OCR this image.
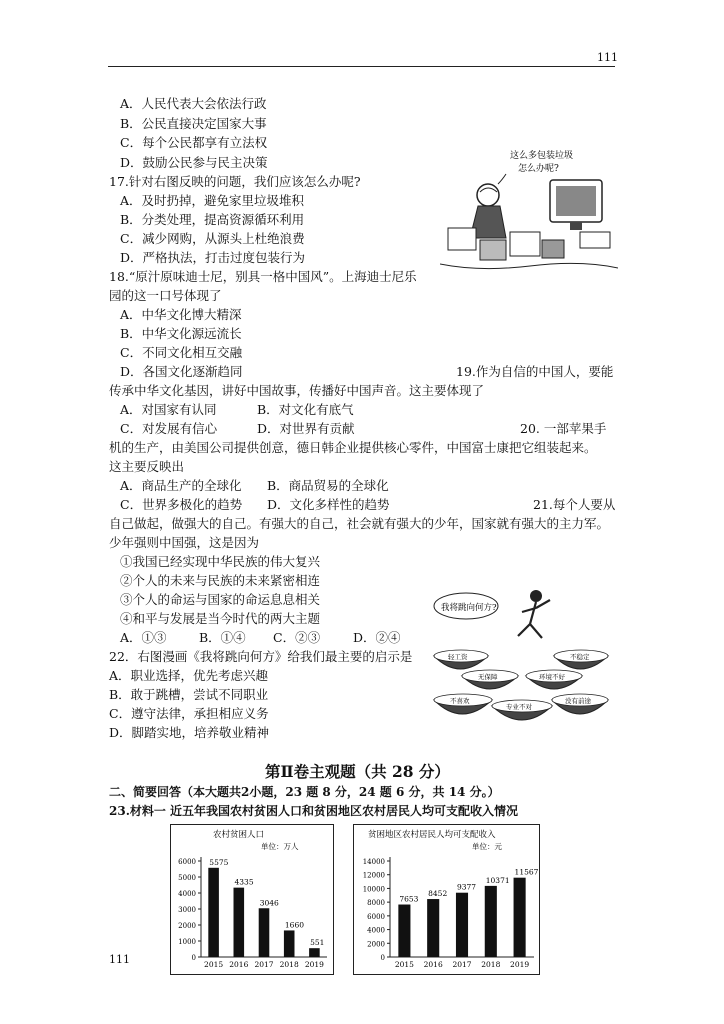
111
A．人民代表大会依法行政
B．公民直接决定国家大事
C．每个公民都享有立法权
D．鼓励公民参与民主决策
17.针对右图反映的问题，我们应该怎么办呢?
A．及时扔掉，避免家里垃圾堆积
B．分类处理，提高资源循环利用
C．减少网购，从源头上杜绝浪费
D．严格执法，打击过度包装行为
18.“原汁原味迪士尼，别具一格中国风”。上海迪士尼乐
园的这一口号体现了
A．中华文化博大精深
B．中华文化源远流长
C．不同文化相互交融
D．各国文化逐渐趋同	19.作为自信的中国人，要能
传承中华文化基因，讲好中国故事，传播好中国声音。这主要体现了
A．对国家有认同	B．对文化有底气
C．对发展有信心	D．对世界有贡献	20. 一部苹果手
机的生产，由美国公司提供创意，德日韩企业提供核心零件，中国富士康把它组装起来。
这主要反映出
A．商品生产的全球化 B．商品贸易的全球化
C．世界多极化的趋势 D．文化多样性的趋势	21.每个人要从
自己做起，做强大的自己。有强大的自己，社会就有强大的少年，国家就有强大的主力军。
少年强则中国强，这是因为
①我国已经实现中华民族的伟大复兴
②个人的未来与民族的未来紧密相连
③个人的命运与国家的命运息息相关
④和平与发展是当今时代的两大主题
A．①③	B．①④ C．②③	D．②④
22．右图漫画《我将跳向何方》给我们最主要的启示是
A．职业选择，优先考虑兴趣
B．敢于跳槽，尝试不同职业
C．遵守法律，承担相应义务
D．脚踏实地，培养敬业精神
这么多包装垃圾
怎么办呢?
我将跳向何方?
轻工资	不稳定
无保障	环境不好
不喜欢
专业不对
没有前途
第Ⅱ卷主观题（共 28 分）
二、简要回答（本大题共2小题，23 题 8 分，24 题 6 分，共 14 分。）
23.材料一 近五年我国农村贫困人口和贫困地区农村居民人均可支配收入情况
农村贫困人口
单位：万人
0
1000
2000
3000
4000
5000
6000 5575
2015
4335
2016
3046
2017
1660
2018
551
2019
贫困地区农村居民人均可支配收入
单位：元
0
2000
4000
6000
8000
10000
12000
14000
7653
2015
8452
2016
9377
2017
10371
2018
11567
2019
111
